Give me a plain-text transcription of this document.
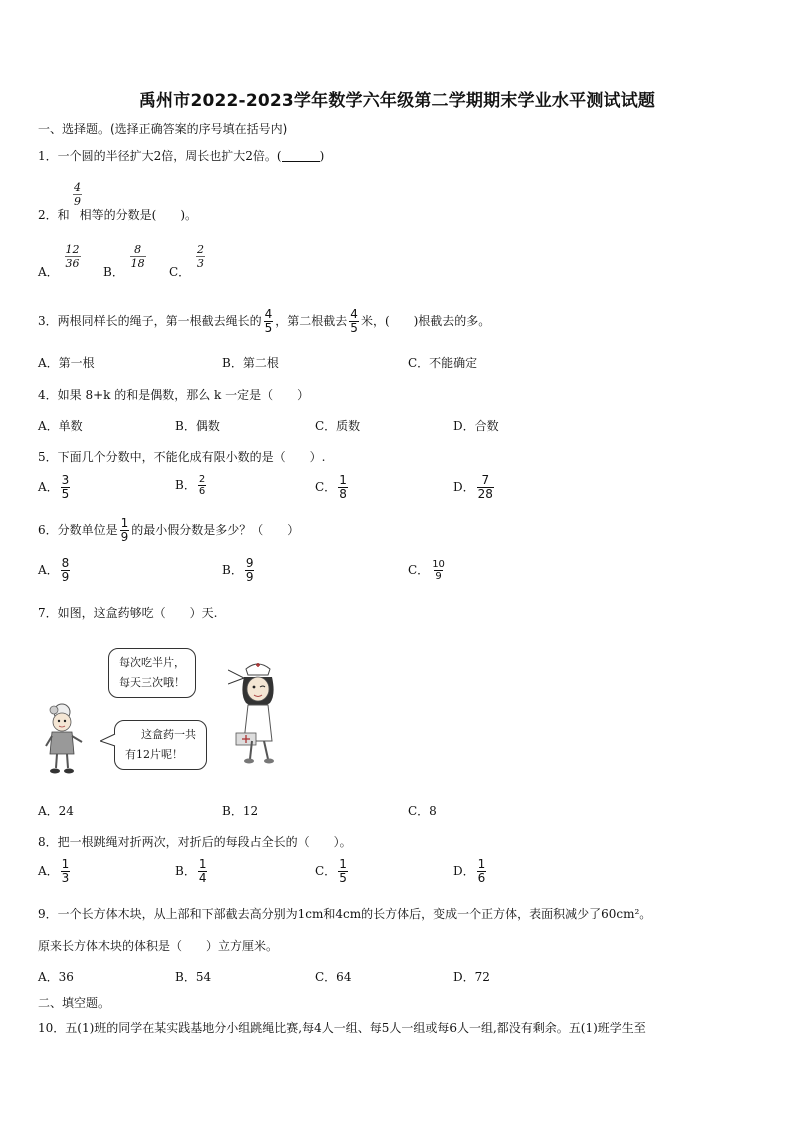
禹州市2022-2023学年数学六年级第二学期期末学业水平测试试题
一、选择题。(选择正确答案的序号填在括号内)
1．一个圆的半径扩大2倍，周长也扩大2倍。(	)
$\frac{4}{9}$
2．和 相等的分数是(　　)。
A．
$\frac{12}{36}$
B．
$\frac{8}{18}$
C．
$\frac{2}{3}$
3．两根同样长的绳子，第一根截去绳长的 $\frac{4}{5}$ ，第二根截去 $\frac{4}{5}$ 米，(　　)根截去的多。
A．第一根	B．第二根	C．不能确定
4．如果 8+k 的和是偶数，那么 k 一定是（　　）
A．单数	B．偶数	C．质数	D．合数
5．下面几个分数中，不能化成有限小数的是（　　）.
A． $\frac{3}{5}$	B． $\frac{2}{6}$	C． $\frac{1}{8}$	D． $\frac{7}{28}$
6．分数单位是 $\frac{1}{9}$ 的最小假分数是多少？（　　）
A． $\frac{8}{9}$	B． $\frac{9}{9}$	C． $\frac{10}{9}$
7．如图，这盒药够吃（　　）天.
每次吃半片，
每天三次哦！
这盒药一共
有12片呢！
A．24	B．12	C．8
8．把一根跳绳对折两次，对折后的每段占全长的（　　）。
A． $\frac{1}{3}$	B． $\frac{1}{4}$	C． $\frac{1}{5}$	D． $\frac{1}{6}$
9．一个长方体木块，从上部和下部截去高分别为1cm和4cm的长方体后，变成一个正方体，表面积减少了60cm²。
原来长方体木块的体积是（　　）立方厘米。
A．36	B．54	C．64	D．72
二、填空题。
10．五(1)班的同学在某实践基地分小组跳绳比赛,每4人一组、每5人一组或每6人一组,都没有剩余。五(1)班学生至
